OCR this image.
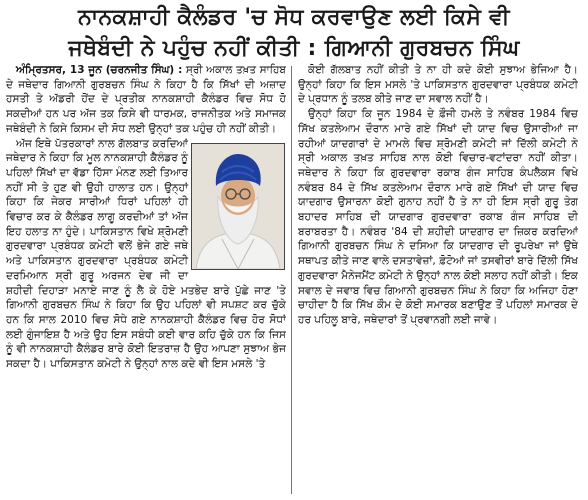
ਨਾਨਕਸ਼ਾਹੀ ਕੈਲੰਡਰ 'ਚ ਸੋਧ ਕਰਵਾਉਣ ਲਈ ਕਿਸੇ ਵੀ
ਜਥੇਬੰਦੀ ਨੇ ਪਹੁੰਚ ਨਹੀਂ ਕੀਤੀ : ਗਿਆਨੀ ਗੁਰਬਚਨ ਸਿੰਘ

ਅੰਮ੍ਰਿਤਸਰ, 13 ਜੂਨ (ਚਰਨਜੀਤ ਸਿੰਘ) : ਸ੍ਰੀ ਅਕਾਲ ਤਖ਼ਤ ਸਾਹਿਬ ਦੇ ਜਥੇਦਾਰ ਗਿਆਨੀ ਗੁਰਬਚਨ ਸਿੰਘ ਨੇ ਕਿਹਾ ਹੈ ਕਿ ਸਿੱਖਾਂ ਦੀ ਅਜ਼ਾਦ ਹਸਤੀ ਤੇ ਅੱਡਰੀ ਹੋਂਦ ਦੇ ਪ੍ਰਤੀਕ ਨਾਨਕਸ਼ਾਹੀ ਕੈਲੰਡਰ ਵਿਚ ਸੋਧ ਹੋ ਸਕਦੀਆਂ ਹਨ ਪਰ ਅੱਜ ਤਕ ਕਿਸੇ ਵੀ ਧਾਰਮਕ, ਰਾਜਨੀਤਕ ਅਤੇ ਸਮਾਜਕ ਜਥੇਬੰਦੀ ਨੇ ਕਿਸੇ ਕਿਸਮ ਦੀ ਸੋਧ ਲਈ ਉਨ੍ਹਾਂ ਤਕ ਪਹੁੰਚ ਹੀ ਨਹੀਂ ਕੀਤੀ।

ਅੱਜ ਇਥੇ ਪੱਤਰਕਾਰਾਂ ਨਾਲ ਗੱਲਬਾਤ ਕਰਦਿਆਂ ਜਥੇਦਾਰ ਨੇ ਕਿਹਾ ਕਿ ਮੂਲ ਨਾਨਕਸ਼ਾਹੀ ਕੈਲੰਡਰ ਨੂੰ ਪਹਿਲਾਂ ਸਿੱਖਾਂ ਦਾ ਵੱਡਾ ਹਿੱਸਾ ਮੰਨਣ ਲਈ ਤਿਆਰ ਨਹੀਂ ਸੀ ਤੇ ਹੁਣ ਵੀ ਉਹੀ ਹਾਲਾਤ ਹਨ। ਉਨ੍ਹਾਂ ਕਿਹਾ ਕਿ ਜੇਕਰ ਸਾਰੀਆਂ ਧਿਰਾਂ ਪਹਿਲਾਂ ਹੀ ਵਿਚਾਰ ਕਰ ਕੇ ਕੈਲੰਡਰ ਲਾਗੂ ਕਰਦੀਆਂ ਤਾਂ ਅੱਜ ਇਹ ਹਲਾਤ ਨਾ ਹੁੰਦੇ। ਪਾਕਿਸਤਾਨ ਵਿਖੇ ਸ਼੍ਰੋਮਣੀ ਗੁਰਦਵਾਰਾ ਪ੍ਰਬੰਧਕ ਕਮੇਟੀ ਵਲੋਂ ਭੇਜੇ ਗਏ ਜਥੇ ਅਤੇ ਪਾਕਿਸਤਾਨ ਗੁਰਦਵਾਰਾ ਪ੍ਰਬੰਧਕ ਕਮੇਟੀ ਦਰਮਿਆਨ ਸ੍ਰੀ ਗੁਰੂ ਅਰਜਨ ਦੇਵ ਜੀ ਦਾ ਸ਼ਹੀਦੀ ਦਿਹਾੜਾ ਮਨਾਏ ਜਾਣ ਨੂੰ ਲੈ ਕੇ ਹੋਏ ਮਤਭੇਦ ਬਾਰੇ ਪੁੱਛੇ ਜਾਣ 'ਤੇ ਗਿਆਨੀ ਗੁਰਬਚਨ ਸਿੰਘ ਨੇ ਕਿਹਾ ਕਿ ਉਹ ਪਹਿਲਾਂ ਵੀ ਸਪਸ਼ਟ ਕਰ ਚੁੱਕੇ ਹਨ ਕਿ ਸਾਲ 2010 ਵਿਚ ਸੋਧੇ ਗਏ ਨਾਨਕਸ਼ਾਹੀ ਕੈਲੰਡਰ ਵਿਚ ਹੋਰ ਸੋਧਾਂ ਲਈ ਗੁੰਜਾਇਸ਼ ਹੈ ਅਤੇ ਉਹ ਇਸ ਸਬੰਧੀ ਕਈ ਵਾਰ ਕਹਿ ਚੁੱਕੇ ਹਨ ਕਿ ਜਿਸ ਨੂੰ ਵੀ ਨਾਨਕਸ਼ਾਹੀ ਕੈਲੰਡਰ ਬਾਰੇ ਕੋਈ ਇਤਰਾਜ਼ ਹੈ ਉਹ ਆਪਣਾ ਸੁਝਾਅ ਭੇਜ ਸਕਦਾ ਹੈ। ਪਾਕਿਸਤਾਨ ਕਮੇਟੀ ਨੇ ਉਨ੍ਹਾਂ ਨਾਲ ਕਦੇ ਵੀ ਇਸ ਮਸਲੇ 'ਤੇ

ਕੋਈ ਗੱਲਬਾਤ ਨਹੀਂ ਕੀਤੀ ਤੇ ਨਾ ਹੀ ਕਦੇ ਕੋਈ ਸੁਝਾਅ ਭੇਜਿਆ ਹੈ। ਉਨ੍ਹਾਂ ਕਿਹਾ ਕਿ ਇਸ ਮਸਲੇ 'ਤੇ ਪਾਕਿਸਤਾਨ ਗੁਰਦਵਾਰਾ ਪ੍ਰਬੰਧਕ ਕਮੇਟੀ ਦੇ ਪ੍ਰਧਾਨ ਨੂੰ ਤਲਬ ਕੀਤੇ ਜਾਣ ਦਾ ਸਵਾਲ ਨਹੀਂ ਹੈ।

ਉਨ੍ਹਾਂ ਕਿਹਾ ਕਿ ਜੂਨ 1984 ਦੇ ਫ਼ੌਜੀ ਹਮਲੇ ਤੇ ਨਵੰਬਰ 1984 ਵਿਚ ਸਿੱਖ ਕਤਲੇਆਮ ਦੌਰਾਨ ਮਾਰੇ ਗਏ ਸਿੱਖਾਂ ਦੀ ਯਾਦ ਵਿਚ ਉਸਾਰੀਆਂ ਜਾ ਰਹੀਆਂ ਯਾਦਗਾਰਾਂ ਦੇ ਮਾਮਲੇ ਵਿਚ ਸ਼੍ਰੋਮਣੀ ਕਮੇਟੀ ਜਾਂ ਦਿੱਲੀ ਕਮੇਟੀ ਨੇ ਸ੍ਰੀ ਅਕਾਲ ਤਖ਼ਤ ਸਾਹਿਬ ਨਾਲ ਕੋਈ ਵਿਚਾਰ-ਵਟਾਂਦਰਾ ਨਹੀਂ ਕੀਤਾ। ਜਥੇਦਾਰ ਨੇ ਕਿਹਾ ਕਿ ਗੁਰਦਵਾਰਾ ਰਕਾਬ ਗੰਜ ਸਾਹਿਬ ਕੰਪਲੈਕਸ ਵਿਖੇ ਨਵੰਬਰ 84 ਦੇ ਸਿੱਖ ਕਤਲੇਆਮ ਦੌਰਾਨ ਮਾਰੇ ਗਏ ਸਿੱਖਾਂ ਦੀ ਯਾਦ ਵਿਚ ਯਾਦਗਾਰ ਉਸਾਰਨਾ ਕੋਈ ਗੁਨਾਹ ਨਹੀਂ ਹੈ ਤੇ ਨਾ ਹੀ ਇਸ ਸ੍ਰੀ ਗੁਰੂ ਤੇਗ ਬਹਾਦਰ ਸਾਹਿਬ ਦੀ ਯਾਦਗਾਰ ਗੁਰਦਵਾਰਾ ਰਕਾਬ ਗੰਜ ਸਾਹਿਬ ਦੀ ਬਰਾਬਰਤਾ ਹੈ। ਨਵੰਬਰ '84 ਦੀ ਸ਼ਹੀਦੀ ਯਾਦਗਾਰ ਦਾ ਜ਼ਿਕਰ ਕਰਦਿਆਂ ਗਿਆਨੀ ਗੁਰਬਚਨ ਸਿੰਘ ਨੇ ਦਸਿਆ ਕਿ ਯਾਦਗਾਰ ਦੀ ਰੂਪਰੇਖਾ ਜਾਂ ਉਥੇ ਸਥਾਪਤ ਕੀਤੇ ਜਾਣ ਵਾਲੇ ਦਸਤਾਵੇਜ਼ਾਂ, ਫ਼ੋਟੋਆਂ ਜਾਂ ਤਸਵੀਰਾਂ ਬਾਰੇ ਦਿੱਲੀ ਸਿੱਖ ਗੁਰਦਵਾਰਾ ਮੈਨੇਜਮੈਂਟ ਕਮੇਟੀ ਨੇ ਉਨ੍ਹਾਂ ਨਾਲ ਕੋਈ ਸਲਾਹ ਨਹੀਂ ਕੀਤੀ। ਇਕ ਸਵਾਲ ਦੇ ਜਵਾਬ ਵਿਚ ਗਿਆਨੀ ਗੁਰਬਚਨ ਸਿੰਘ ਨੇ ਕਿਹਾ ਕਿ ਅਜਿਹਾ ਹੋਣਾ ਚਾਹੀਦਾ ਹੈ ਕਿ ਸਿੱਖ ਕੌਮ ਦੇ ਕੋਈ ਸਮਾਰਕ ਬਣਾਉਣ ਤੋਂ ਪਹਿਲਾਂ ਸਮਾਰਕ ਦੇ ਹਰ ਪਹਿਲੂ ਬਾਰੇ, ਜਥੇਦਾਰਾਂ ਤੋਂ ਪ੍ਰਵਾਨਗੀ ਲਈ ਜਾਵੇ।
